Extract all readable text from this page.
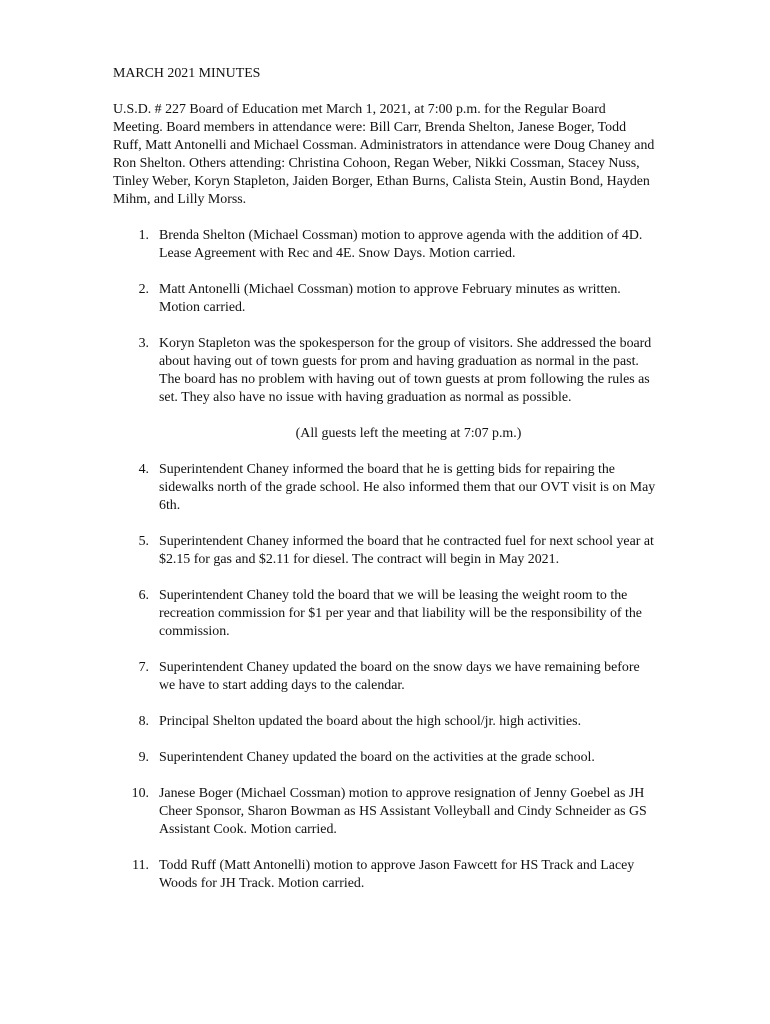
MARCH 2021 MINUTES

U.S.D. # 227 Board of Education met March 1, 2021, at 7:00 p.m. for the Regular Board Meeting. Board members in attendance were: Bill Carr, Brenda Shelton, Janese Boger, Todd Ruff, Matt Antonelli and Michael Cossman. Administrators in attendance were Doug Chaney and Ron Shelton. Others attending: Christina Cohoon, Regan Weber, Nikki Cossman, Stacey Nuss, Tinley Weber, Koryn Stapleton, Jaiden Borger, Ethan Burns, Calista Stein, Austin Bond, Hayden Mihm, and Lilly Morss.

1. Brenda Shelton (Michael Cossman) motion to approve agenda with the addition of 4D. Lease Agreement with Rec and 4E. Snow Days. Motion carried.
2. Matt Antonelli (Michael Cossman) motion to approve February minutes as written. Motion carried.
3. Koryn Stapleton was the spokesperson for the group of visitors. She addressed the board about having out of town guests for prom and having graduation as normal in the past. The board has no problem with having out of town guests at prom following the rules as set. They also have no issue with having graduation as normal as possible.

(All guests left the meeting at 7:07 p.m.)

4. Superintendent Chaney informed the board that he is getting bids for repairing the sidewalks north of the grade school. He also informed them that our OVT visit is on May 6th.
5. Superintendent Chaney informed the board that he contracted fuel for next school year at $2.15 for gas and $2.11 for diesel. The contract will begin in May 2021.
6. Superintendent Chaney told the board that we will be leasing the weight room to the recreation commission for $1 per year and that liability will be the responsibility of the commission.
7. Superintendent Chaney updated the board on the snow days we have remaining before we have to start adding days to the calendar.
8. Principal Shelton updated the board about the high school/jr. high activities.
9. Superintendent Chaney updated the board on the activities at the grade school.
10. Janese Boger (Michael Cossman) motion to approve resignation of Jenny Goebel as JH Cheer Sponsor, Sharon Bowman as HS Assistant Volleyball and Cindy Schneider as GS Assistant Cook. Motion carried.
11. Todd Ruff (Matt Antonelli) motion to approve Jason Fawcett for HS Track and Lacey Woods for JH Track. Motion carried.
